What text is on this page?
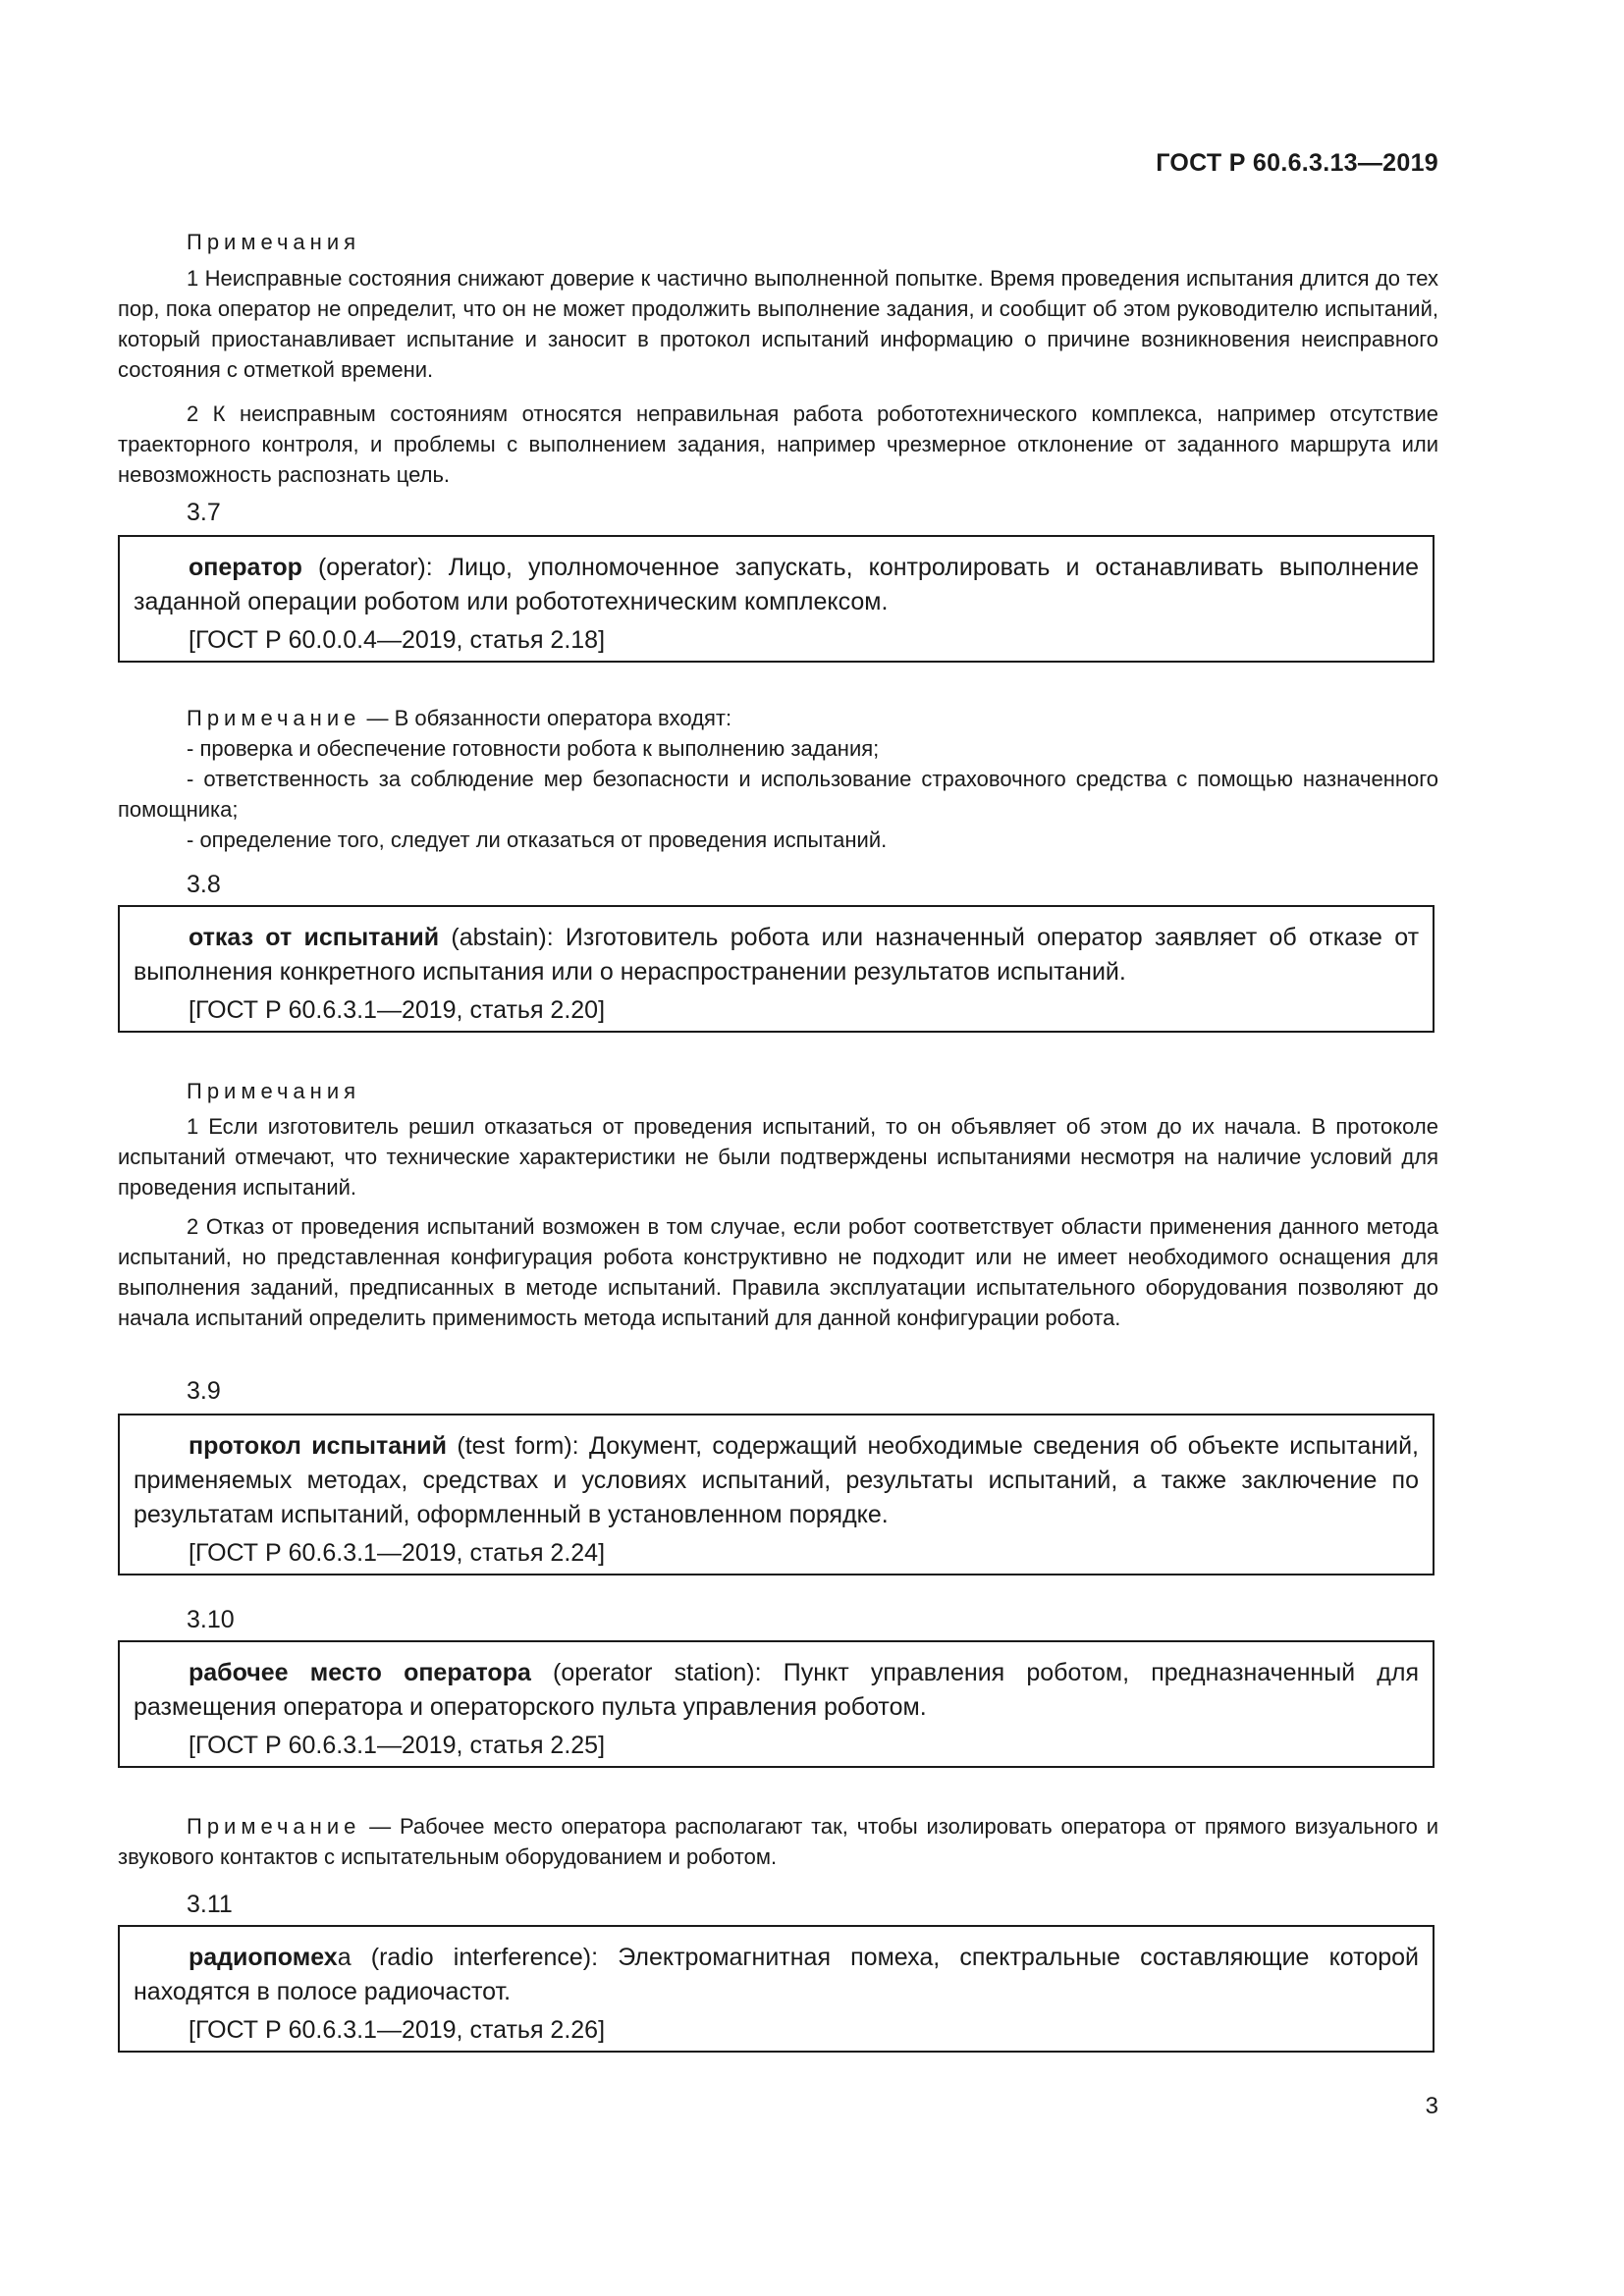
ГОСТ Р 60.6.3.13—2019
Примечания

1 Неисправные состояния снижают доверие к частично выполненной попытке. Время проведения испытания длится до тех пор, пока оператор не определит, что он не может продолжить выполнение задания, и сообщит об этом руководителю испытаний, который приостанавливает испытание и заносит в протокол испытаний информацию о причине возникновения неисправного состояния с отметкой времени.

2 К неисправным состояниям относятся неправильная работа робототехнического комплекса, например отсутствие траекторного контроля, и проблемы с выполнением задания, например чрезмерное отклонение от заданного маршрута или невозможность распознать цель.

3.7

оператор (operator): Лицо, уполномоченное запускать, контролировать и останавливать выполнение заданной операции роботом или робототехническим комплексом.

[ГОСТ Р 60.0.0.4—2019, статья 2.18]

Примечание — В обязанности оператора входят:

- проверка и обеспечение готовности робота к выполнению задания;

- ответственность за соблюдение мер безопасности и использование страховочного средства с помощью назначенного помощника;

- определение того, следует ли отказаться от проведения испытаний.

3.8

отказ от испытаний (abstain): Изготовитель робота или назначенный оператор заявляет об отказе от выполнения конкретного испытания или о нераспространении результатов испытаний.

[ГОСТ Р 60.6.3.1—2019, статья 2.20]

Примечания

1 Если изготовитель решил отказаться от проведения испытаний, то он объявляет об этом до их начала. В протоколе испытаний отмечают, что технические характеристики не были подтверждены испытаниями несмотря на наличие условий для проведения испытаний.

2 Отказ от проведения испытаний возможен в том случае, если робот соответствует области применения данного метода испытаний, но представленная конфигурация робота конструктивно не подходит или не имеет необходимого оснащения для выполнения заданий, предписанных в методе испытаний. Правила эксплуатации испытательного оборудования позволяют до начала испытаний определить применимость метода испытаний для данной конфигурации робота.

3.9

протокол испытаний (test form): Документ, содержащий необходимые сведения об объекте испытаний, применяемых методах, средствах и условиях испытаний, результаты испытаний, а также заключение по результатам испытаний, оформленный в установленном порядке.

[ГОСТ Р 60.6.3.1—2019, статья 2.24]

3.10

рабочее место оператора (operator station): Пункт управления роботом, предназначенный для размещения оператора и операторского пульта управления роботом.

[ГОСТ Р 60.6.3.1—2019, статья 2.25]

Примечание — Рабочее место оператора располагают так, чтобы изолировать оператора от прямого визуального и звукового контактов с испытательным оборудованием и роботом.

3.11

радиопомеха (radio interference): Электромагнитная помеха, спектральные составляющие которой находятся в полосе радиочастот.

[ГОСТ Р 60.6.3.1—2019, статья 2.26]

3
